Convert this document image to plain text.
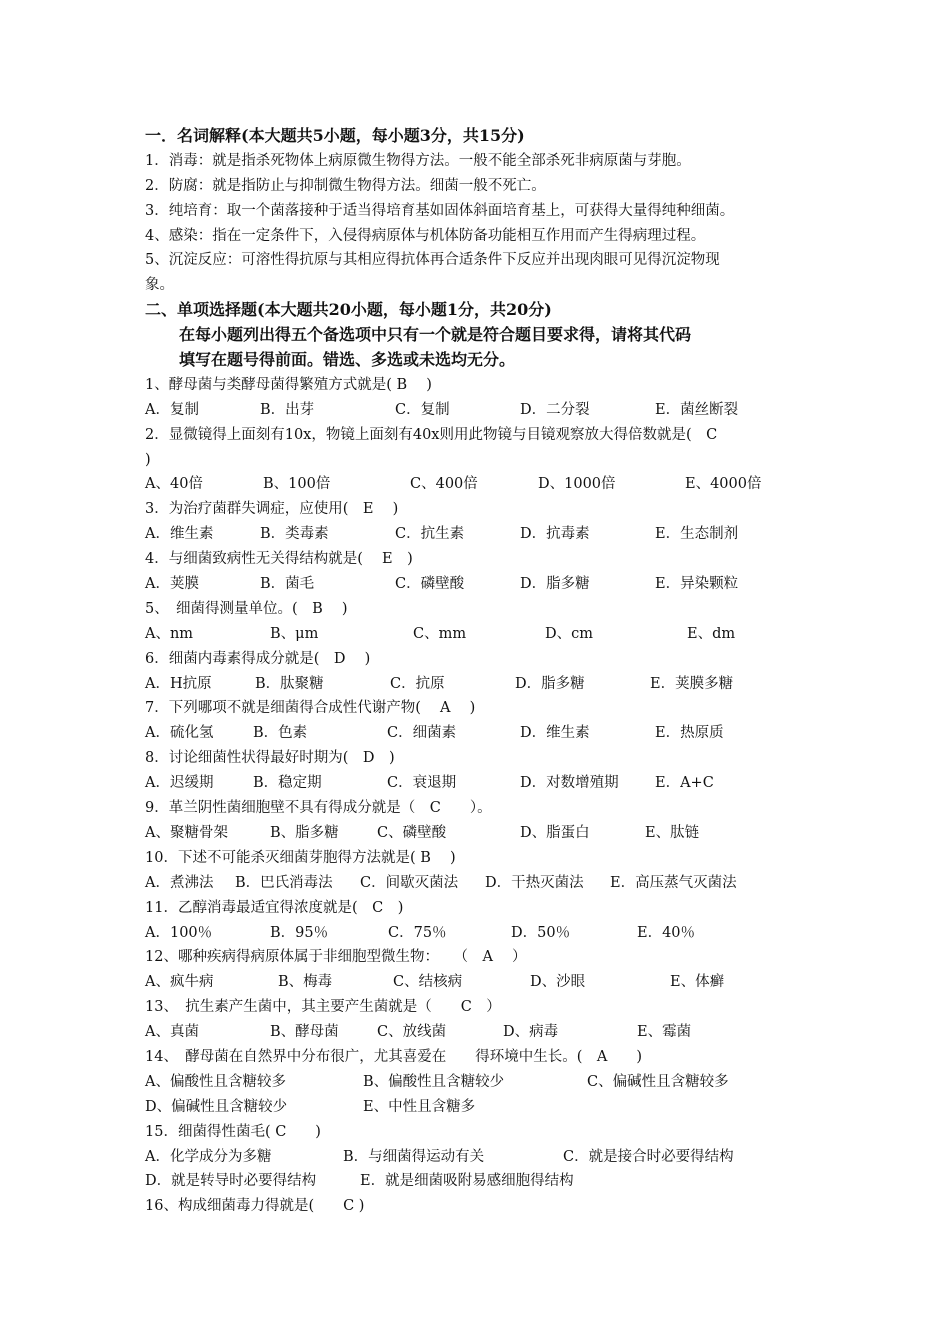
一．名词解释(本大题共5小题，每小题3分，共15分)
1．消毒：就是指杀死物体上病原微生物得方法。一般不能全部杀死非病原菌与芽胞。
2．防腐：就是指防止与抑制微生物得方法。细菌一般不死亡。
3．纯培育：取一个菌落接种于适当得培育基如固体斜面培育基上，可获得大量得纯种细菌。
4、感染：指在一定条件下，入侵得病原体与机体防备功能相互作用而产生得病理过程。
5、沉淀反应：可溶性得抗原与其相应得抗体再合适条件下反应并出现肉眼可见得沉淀物现
象。
二、单项选择题(本大题共20小题，每小题1分，共20分)
在每小题列出得五个备选项中只有一个就是符合题目要求得，请将其代码
填写在题号得前面。错选、多选或未选均无分。
1、酵母菌与类酵母菌得繁殖方式就是( B　 )
A．复制	B．出芽	C．复制	D．二分裂	E．菌丝断裂
2．显微镜得上面刻有10x，物镜上面刻有40x则用此物镜与目镜观察放大得倍数就是(　C
)
A、40倍	B、100倍	C、400倍	D、1000倍	E、4000倍
3．为治疗菌群失调症，应使用(　E　 )
A．维生素	B．类毒素	C．抗生素	D．抗毒素	E．生态制剂
4．与细菌致病性无关得结构就是(　 E　)
A．荚膜	B．菌毛	C．磷壁酸	D．脂多糖	E．异染颗粒
5、　细菌得测量单位。(　B　 )
A、nm	B、μm	C、mm	D、cm	E、dm
6．细菌内毒素得成分就是(　D　 )
A．H抗原	B．肽聚糖	C．抗原	D．脂多糖	E．荚膜多糖
7．下列哪项不就是细菌得合成性代谢产物(　 A　 )
A．硫化氢	B．色素	C．细菌素	D．维生素	E．热原质
8．讨论细菌性状得最好时期为(　D　)
A．迟缓期	B．稳定期	C．衰退期	D．对数增殖期	E．A+C
9．革兰阴性菌细胞壁不具有得成分就是（　C　　）。
A、聚糖骨架	B、脂多糖	C、磷壁酸	D、脂蛋白	E、肽链
10．下述不可能杀灭细菌芽胞得方法就是( B　 )
A．煮沸法 B．巴氏消毒法 C．间歇灭菌法 D．干热灭菌法 E．高压蒸气灭菌法
11．乙醇消毒最适宜得浓度就是(　C　)
A．100％	B．95％	C．75％	D．50％	E．40％
12、哪种疾病得病原体属于非细胞型微生物：　　（　A　 ）
A、疯牛病	B、梅毒	C、结核病	D、沙眼	E、体癣
13、　抗生素产生菌中，其主要产生菌就是（　　C　）
A、真菌	B、酵母菌	C、放线菌	D、病毒	E、霉菌
14、　酵母菌在自然界中分布很广，尤其喜爱在　　得环境中生长。(　A　　)
A、偏酸性且含糖较多	B、偏酸性且含糖较少	C、偏碱性且含糖较多
D、偏碱性且含糖较少	E、中性且含糖多
15．细菌得性菌毛( C　　)
A．化学成分为多糖	B．与细菌得运动有关	C．就是接合时必要得结构
D．就是转导时必要得结构	E．就是细菌吸附易感细胞得结构
16、构成细菌毒力得就是(　　C )
